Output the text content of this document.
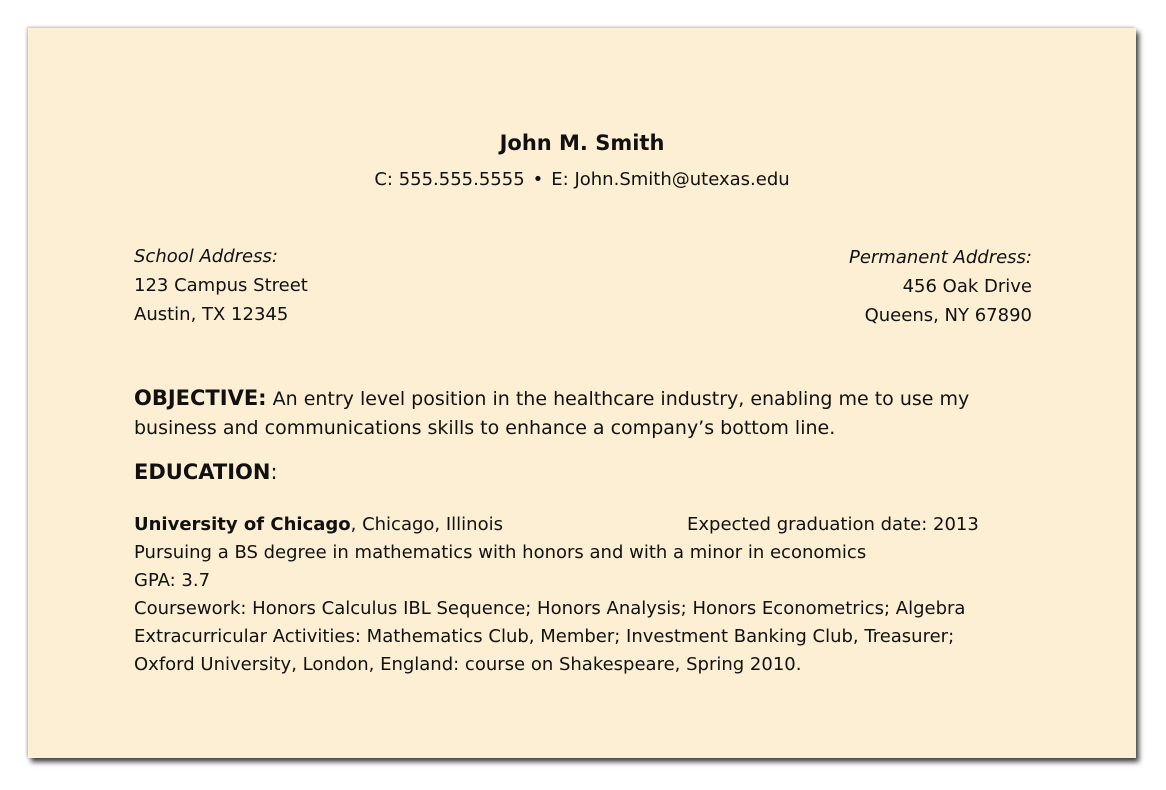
John M. Smith
C: 555.555.5555 • E: John.Smith@utexas.edu
School Address:
123 Campus Street
Austin, TX 12345
Permanent Address:
456 Oak Drive
Queens, NY 67890
OBJECTIVE: An entry level position in the healthcare industry, enabling me to use my business and communications skills to enhance a company’s bottom line.
EDUCATION:
University of Chicago, Chicago, Illinois	Expected graduation date: 2013
Pursuing a BS degree in mathematics with honors and with a minor in economics
GPA: 3.7
Coursework: Honors Calculus IBL Sequence; Honors Analysis; Honors Econometrics; Algebra
Extracurricular Activities: Mathematics Club, Member; Investment Banking Club, Treasurer;
Oxford University, London, England: course on Shakespeare, Spring 2010.
